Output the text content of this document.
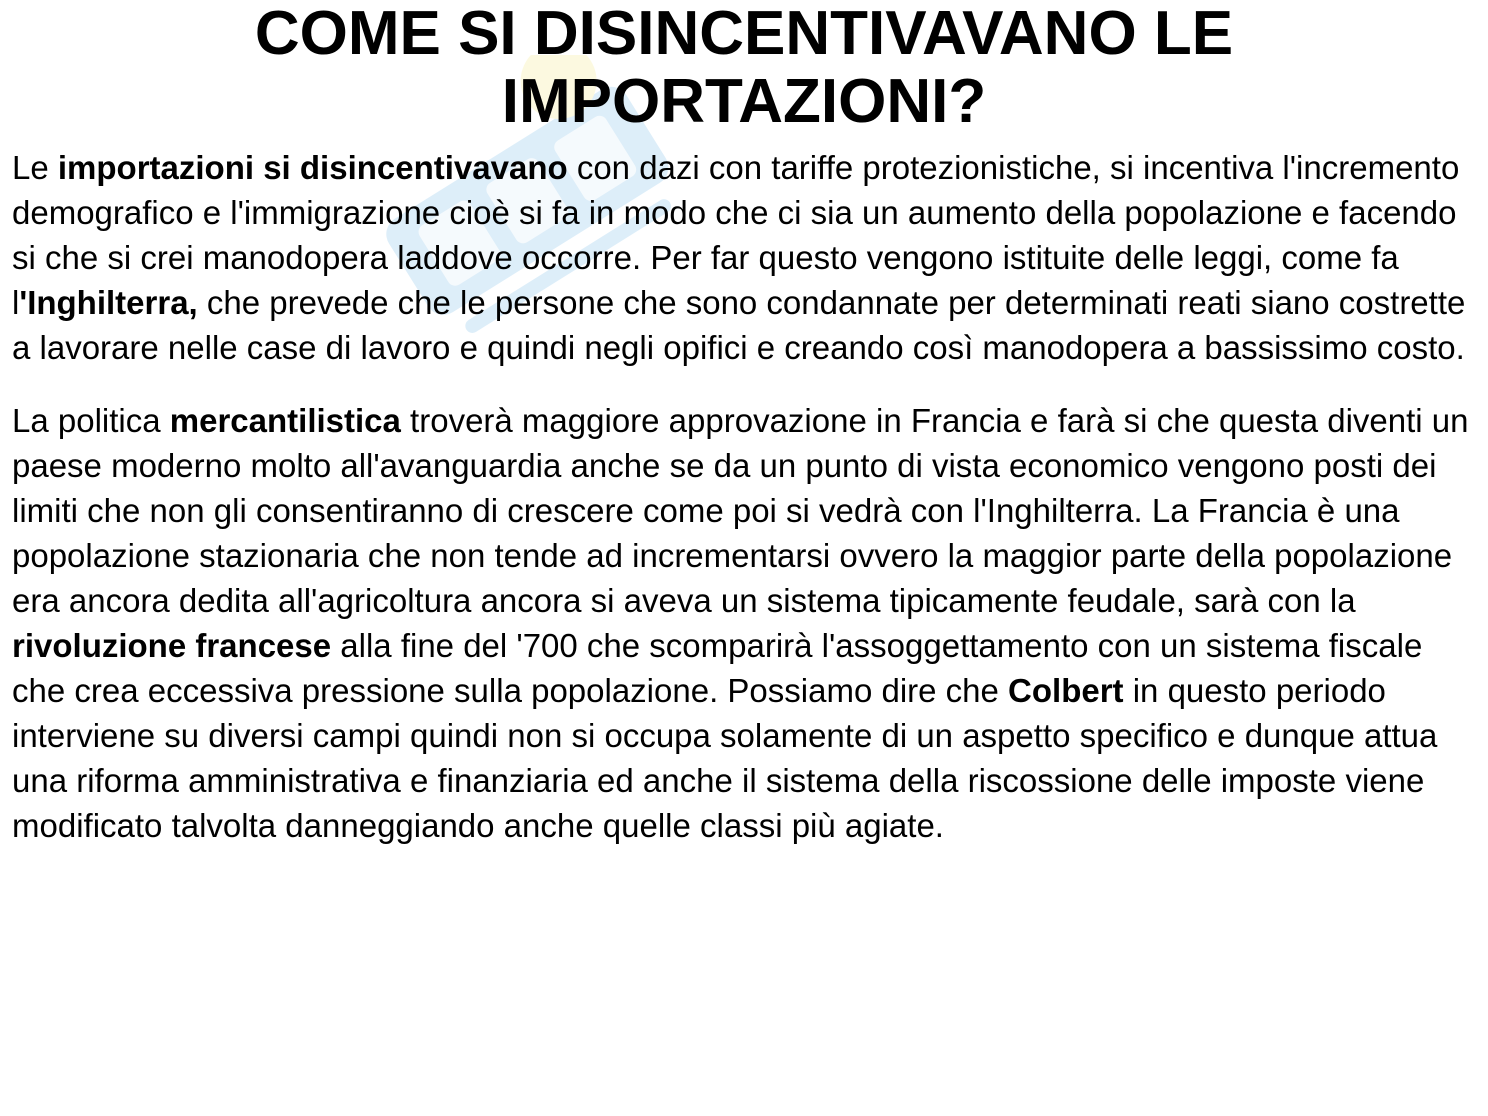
COME SI DISINCENTIVAVANO LE
IMPORTAZIONI?

Le importazioni si disincentivavano con dazi con tariffe protezionistiche, si incentiva l'incremento demografico e l'immigrazione cioè si fa in modo che ci sia un aumento della popolazione e facendo si che si crei manodopera laddove occorre. Per far questo vengono istituite delle leggi, come fa l'Inghilterra, che prevede che le persone che sono condannate per determinati reati siano costrette a lavorare nelle case di lavoro e quindi negli opifici e creando così manodopera a bassissimo costo.

La politica mercantilistica troverà maggiore approvazione in Francia e farà si che questa diventi un paese moderno molto all'avanguardia anche se da un punto di vista economico vengono posti dei limiti che non gli consentiranno di crescere come poi si vedrà con l'Inghilterra. La Francia è una popolazione stazionaria che non tende ad incrementarsi ovvero la maggior parte della popolazione era ancora dedita all'agricoltura ancora si aveva un sistema tipicamente feudale, sarà con la rivoluzione francese alla fine del '700 che scomparirà l'assoggettamento con un sistema fiscale che crea eccessiva pressione sulla popolazione. Possiamo dire che Colbert in questo periodo interviene su diversi campi quindi non si occupa solamente di un aspetto specifico e dunque attua una riforma amministrativa e finanziaria ed anche il sistema della riscossione delle imposte viene modificato talvolta danneggiando anche quelle classi più agiate.
